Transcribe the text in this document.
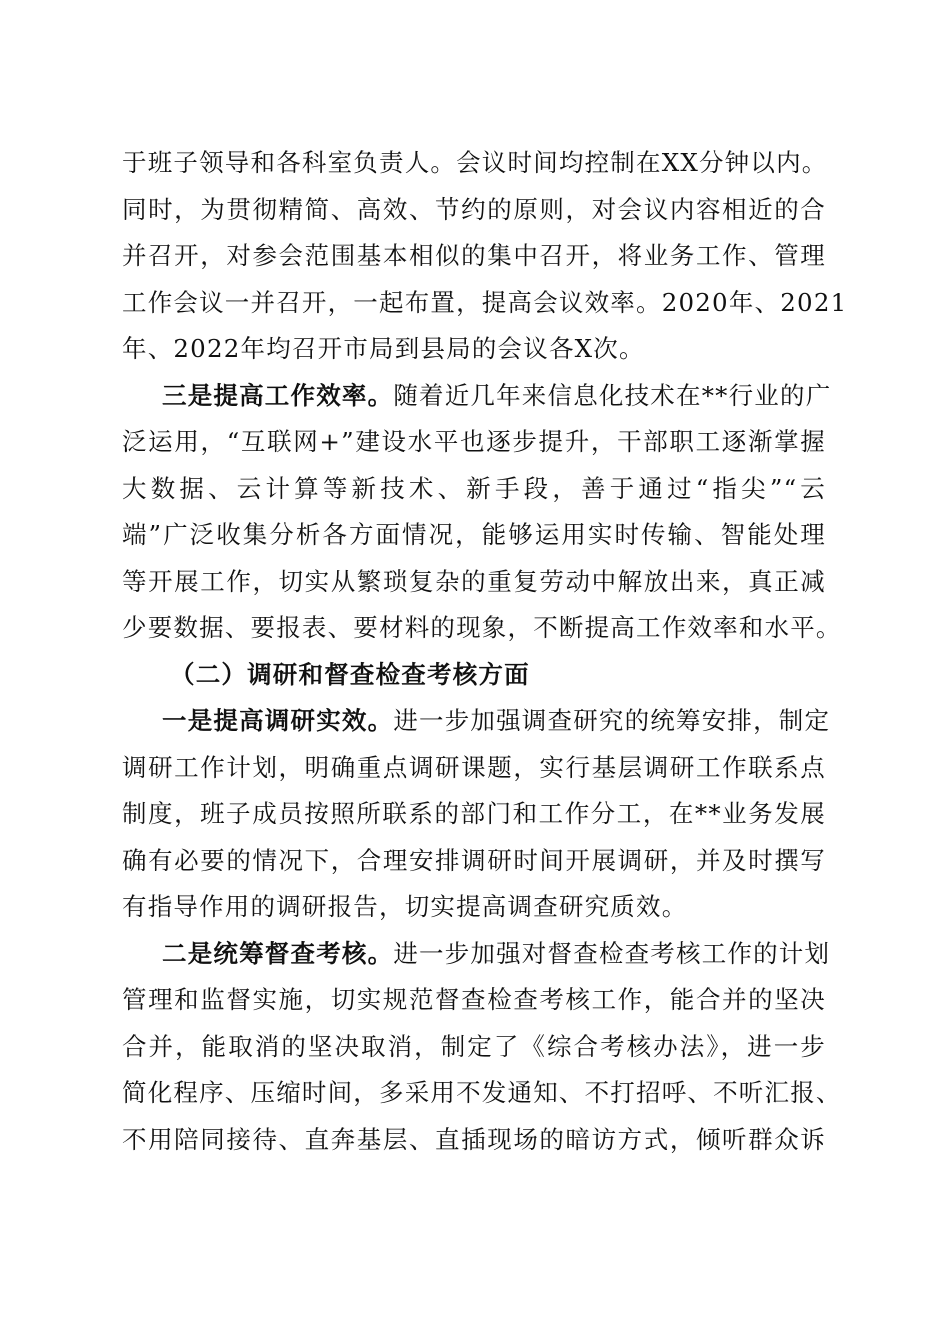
于班子领导和各科室负责人。会议时间均控制在XX分钟以内。
同时，为贯彻精简、高效、节约的原则，对会议内容相近的合
并召开，对参会范围基本相似的集中召开，将业务工作、管理
工作会议一并召开，一起布置，提高会议效率。2020年、2021
年、2022年均召开市局到县局的会议各X次。
三是提高工作效率。随着近几年来信息化技术在**行业的广
泛运用，“互联网+”建设水平也逐步提升，干部职工逐渐掌握
大数据、云计算等新技术、新手段，善于通过“指尖”“云
端”广泛收集分析各方面情况，能够运用实时传输、智能处理
等开展工作，切实从繁琐复杂的重复劳动中解放出来，真正减
少要数据、要报表、要材料的现象，不断提高工作效率和水平。
（二）调研和督查检查考核方面
一是提高调研实效。进一步加强调查研究的统筹安排，制定
调研工作计划，明确重点调研课题，实行基层调研工作联系点
制度，班子成员按照所联系的部门和工作分工，在**业务发展
确有必要的情况下，合理安排调研时间开展调研，并及时撰写
有指导作用的调研报告，切实提高调查研究质效。
二是统筹督查考核。进一步加强对督查检查考核工作的计划
管理和监督实施，切实规范督查检查考核工作，能合并的坚决
合并，能取消的坚决取消，制定了《综合考核办法》，进一步
简化程序、压缩时间，多采用不发通知、不打招呼、不听汇报、
不用陪同接待、直奔基层、直插现场的暗访方式，倾听群众诉
